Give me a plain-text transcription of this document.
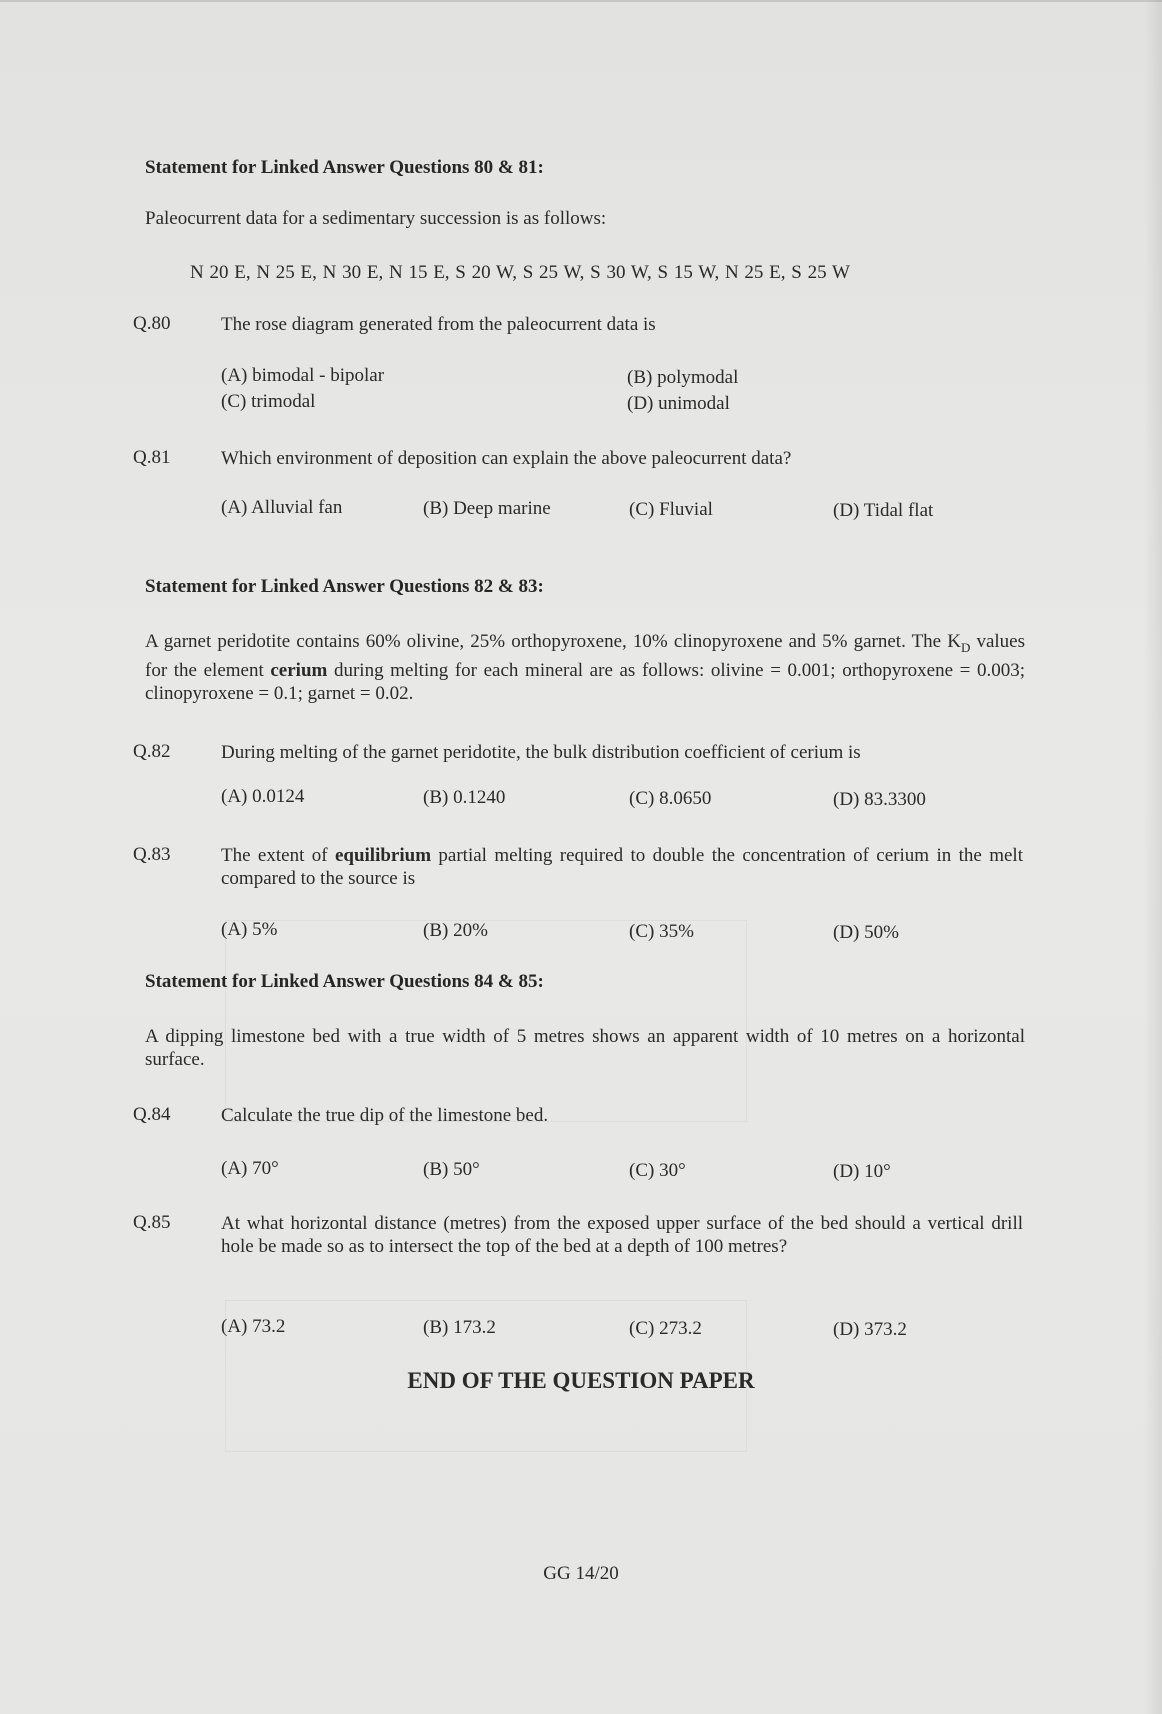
Statement for Linked Answer Questions 80 & 81:
Paleocurrent data for a sedimentary succession is as follows:
N 20 E, N 25 E, N 30 E, N 15 E, S 20 W, S 25 W, S 30 W, S 15 W, N 25 E, S 25 W
Q.80	The rose diagram generated from the paleocurrent data is
(A) bimodal - bipolar	(B) polymodal
(C) trimodal	(D) unimodal
Q.81	Which environment of deposition can explain the above paleocurrent data?
(A) Alluvial fan	(B) Deep marine	(C) Fluvial	(D) Tidal flat
Statement for Linked Answer Questions 82 & 83:
A garnet peridotite contains 60% olivine, 25% orthopyroxene, 10% clinopyroxene and 5% garnet. The $K_D$ values for the element cerium during melting for each mineral are as follows: olivine = 0.001; orthopyroxene = 0.003; clinopyroxene = 0.1; garnet = 0.02.
Q.82	During melting of the garnet peridotite, the bulk distribution coefficient of cerium is
(A) 0.0124	(B) 0.1240	(C) 8.0650	(D) 83.3300
Q.83	The extent of equilibrium partial melting required to double the concentration of cerium in the melt compared to the source is
(A) 5%	(B) 20%	(C) 35%	(D) 50%
Statement for Linked Answer Questions 84 & 85:
A dipping limestone bed with a true width of 5 metres shows an apparent width of 10 metres on a horizontal surface.
Q.84	Calculate the true dip of the limestone bed.
(A) 70°	(B) 50°	(C) 30°	(D) 10°
Q.85	At what horizontal distance (metres) from the exposed upper surface of the bed should a vertical drill hole be made so as to intersect the top of the bed at a depth of 100 metres?
(A) 73.2	(B) 173.2	(C) 273.2	(D) 373.2
END OF THE QUESTION PAPER
GG 14/20
